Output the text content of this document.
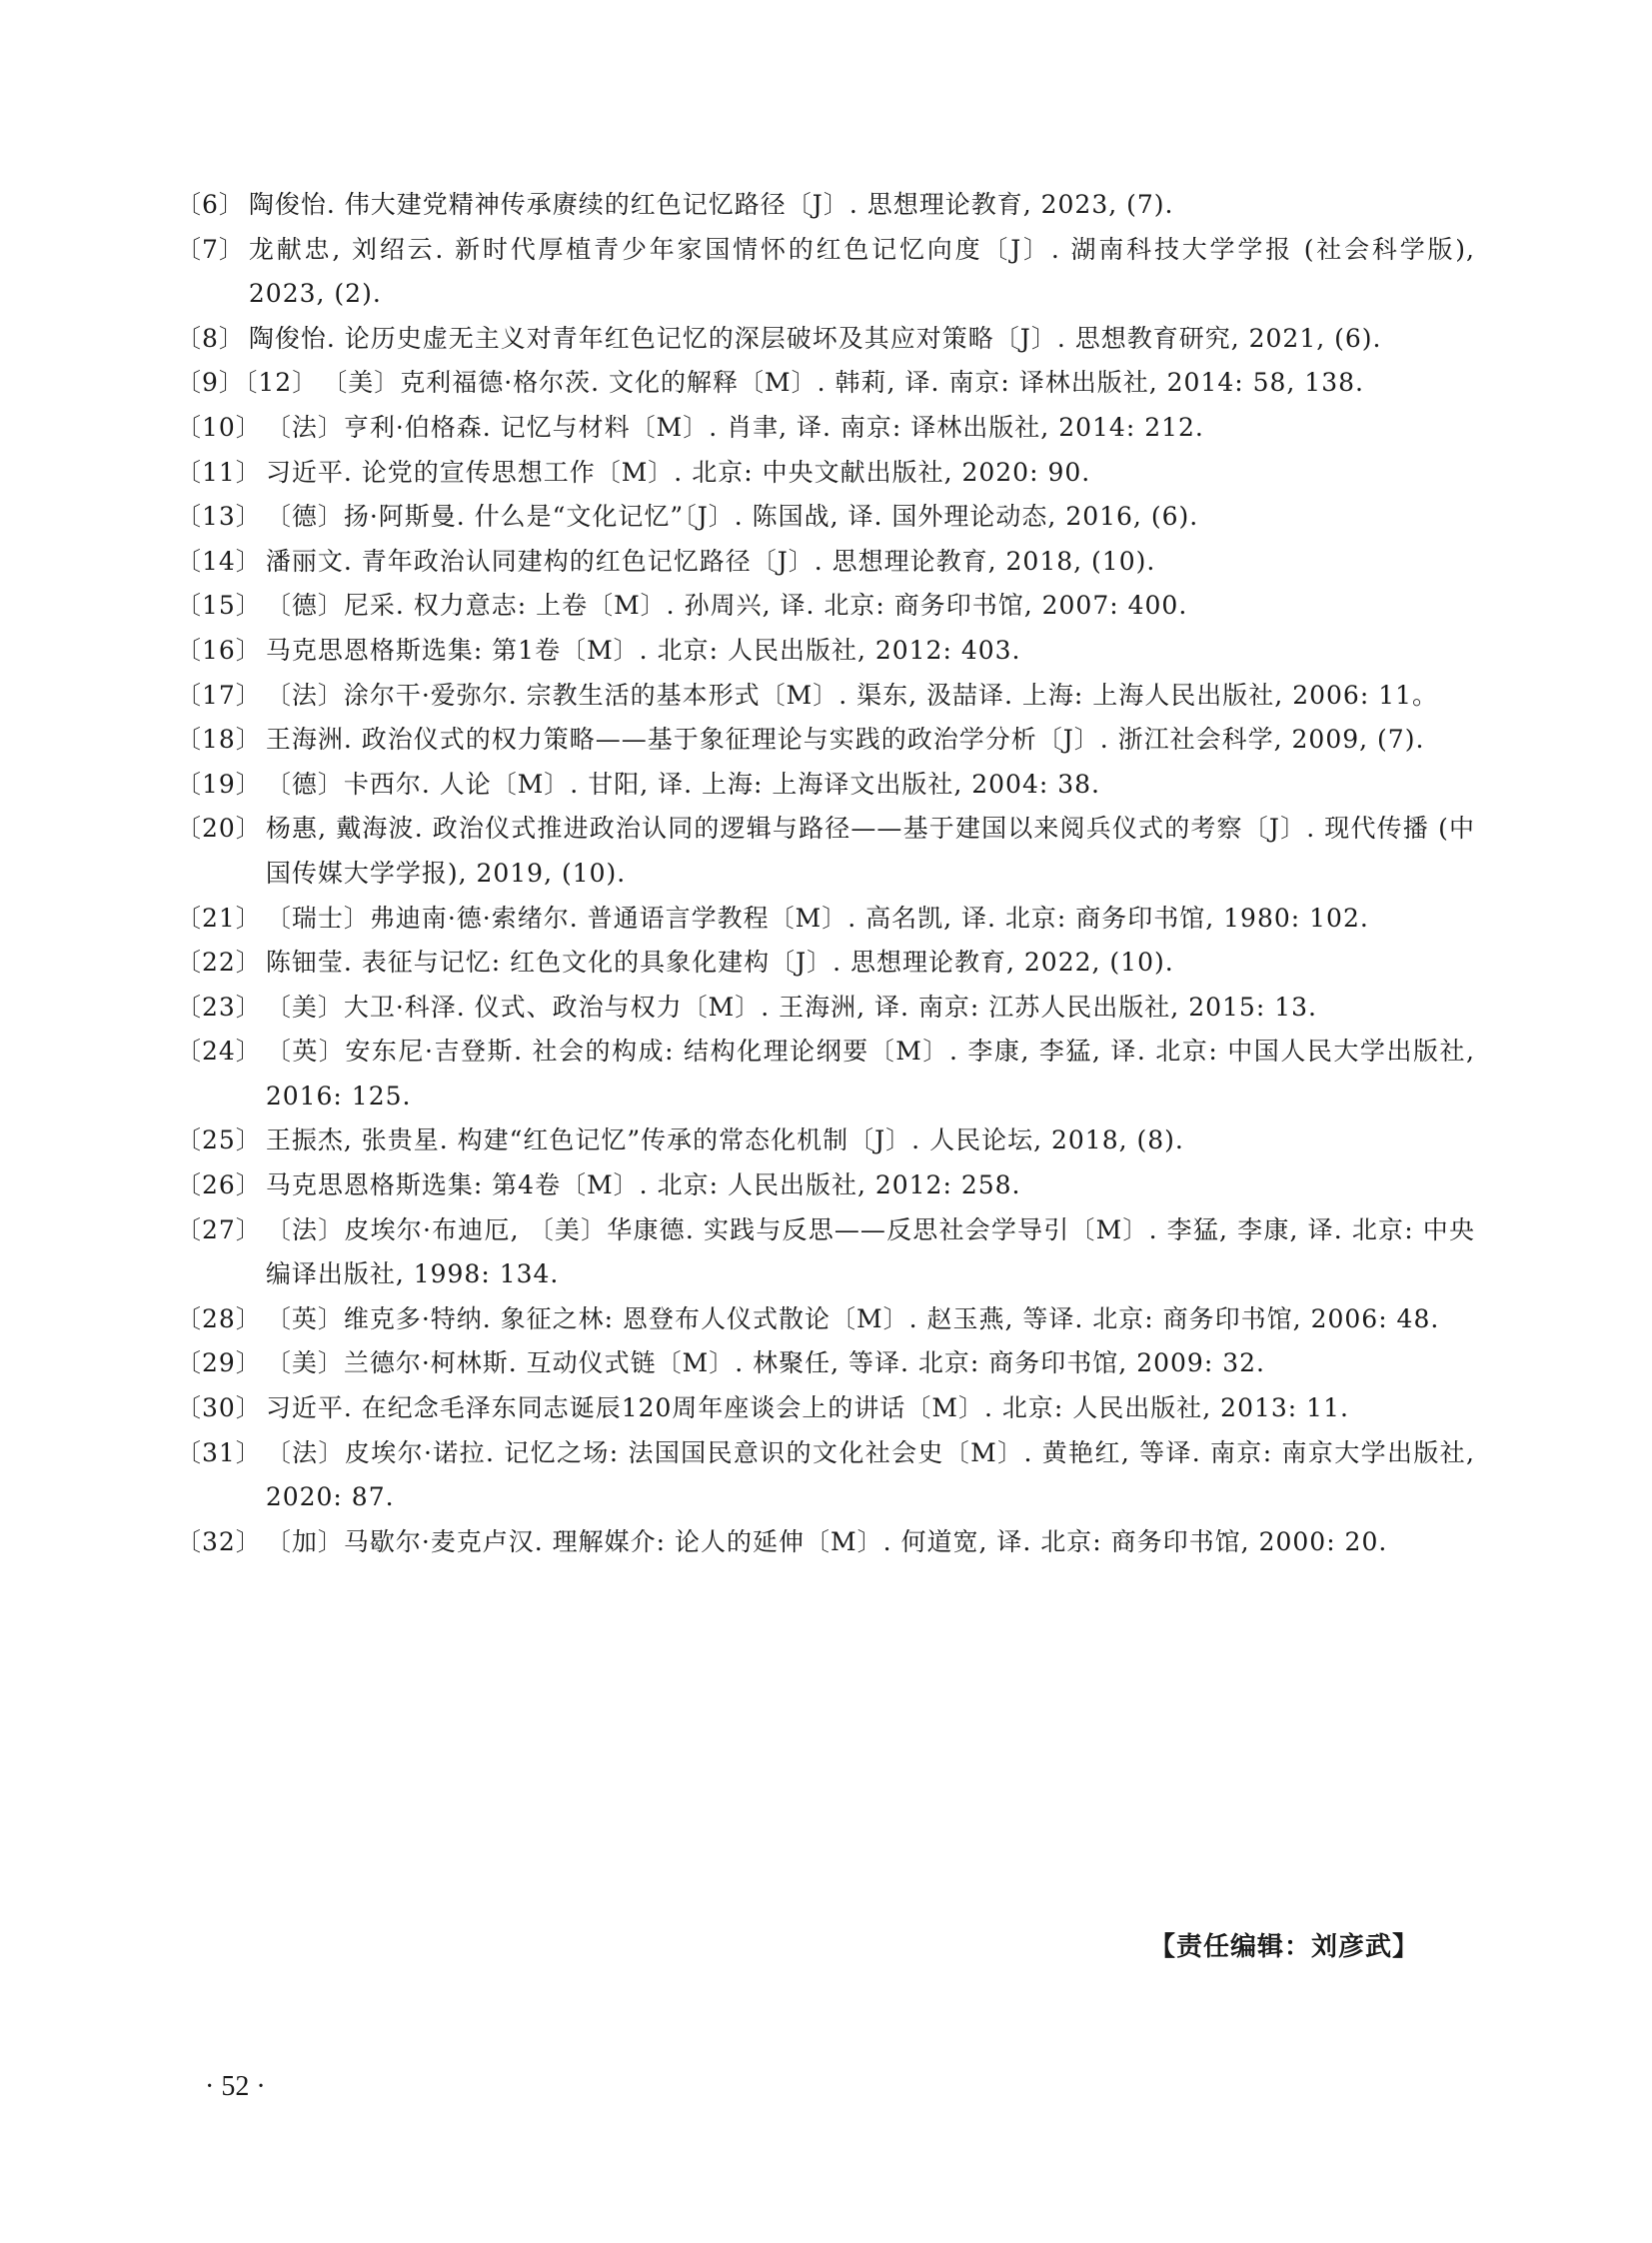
〔6〕 陶俊怡. 伟大建党精神传承赓续的红色记忆路径〔J〕. 思想理论教育, 2023, (7).
〔7〕 龙献忠, 刘绍云. 新时代厚植青少年家国情怀的红色记忆向度〔J〕. 湖南科技大学学报 (社会科学版), 2023, (2).
〔8〕 陶俊怡. 论历史虚无主义对青年红色记忆的深层破坏及其应对策略〔J〕. 思想教育研究, 2021, (6).
〔9〕〔12〕 〔美〕克利福德·格尔茨. 文化的解释〔M〕. 韩莉, 译. 南京: 译林出版社, 2014: 58, 138.
〔10〕 〔法〕亨利·伯格森. 记忆与材料〔M〕. 肖聿, 译. 南京: 译林出版社, 2014: 212.
〔11〕 习近平. 论党的宣传思想工作〔M〕. 北京: 中央文献出版社, 2020: 90.
〔13〕 〔德〕扬·阿斯曼. 什么是“文化记忆”〔J〕. 陈国战, 译. 国外理论动态, 2016, (6).
〔14〕 潘丽文. 青年政治认同建构的红色记忆路径〔J〕. 思想理论教育, 2018, (10).
〔15〕 〔德〕尼采. 权力意志: 上卷〔M〕. 孙周兴, 译. 北京: 商务印书馆, 2007: 400.
〔16〕 马克思恩格斯选集: 第1卷〔M〕. 北京: 人民出版社, 2012: 403.
〔17〕 〔法〕涂尔干·爱弥尔. 宗教生活的基本形式〔M〕. 渠东, 汲喆译. 上海: 上海人民出版社, 2006: 11。
〔18〕 王海洲. 政治仪式的权力策略——基于象征理论与实践的政治学分析〔J〕. 浙江社会科学, 2009, (7).
〔19〕 〔德〕卡西尔. 人论〔M〕. 甘阳, 译. 上海: 上海译文出版社, 2004: 38.
〔20〕 杨惠, 戴海波. 政治仪式推进政治认同的逻辑与路径——基于建国以来阅兵仪式的考察〔J〕. 现代传播 (中国传媒大学学报), 2019, (10).
〔21〕 〔瑞士〕弗迪南·德·索绪尔. 普通语言学教程〔M〕. 高名凯, 译. 北京: 商务印书馆, 1980: 102.
〔22〕 陈钿莹. 表征与记忆: 红色文化的具象化建构〔J〕. 思想理论教育, 2022, (10).
〔23〕 〔美〕大卫·科泽. 仪式、政治与权力〔M〕. 王海洲, 译. 南京: 江苏人民出版社, 2015: 13.
〔24〕 〔英〕安东尼·吉登斯. 社会的构成: 结构化理论纲要〔M〕. 李康, 李猛, 译. 北京: 中国人民大学出版社, 2016: 125.
〔25〕 王振杰, 张贵星. 构建“红色记忆”传承的常态化机制〔J〕. 人民论坛, 2018, (8).
〔26〕 马克思恩格斯选集: 第4卷〔M〕. 北京: 人民出版社, 2012: 258.
〔27〕 〔法〕皮埃尔·布迪厄, 〔美〕华康德. 实践与反思——反思社会学导引〔M〕. 李猛, 李康, 译. 北京: 中央编译出版社, 1998: 134.
〔28〕 〔英〕维克多·特纳. 象征之林: 恩登布人仪式散论〔M〕. 赵玉燕, 等译. 北京: 商务印书馆, 2006: 48.
〔29〕 〔美〕兰德尔·柯林斯. 互动仪式链〔M〕. 林聚任, 等译. 北京: 商务印书馆, 2009: 32.
〔30〕 习近平. 在纪念毛泽东同志诞辰120周年座谈会上的讲话〔M〕. 北京: 人民出版社, 2013: 11.
〔31〕 〔法〕皮埃尔·诺拉. 记忆之场: 法国国民意识的文化社会史〔M〕. 黄艳红, 等译. 南京: 南京大学出版社, 2020: 87.
〔32〕 〔加〕马歇尔·麦克卢汉. 理解媒介: 论人的延伸〔M〕. 何道宽, 译. 北京: 商务印书馆, 2000: 20.
【责任编辑：刘彦武】
· 52 ·
